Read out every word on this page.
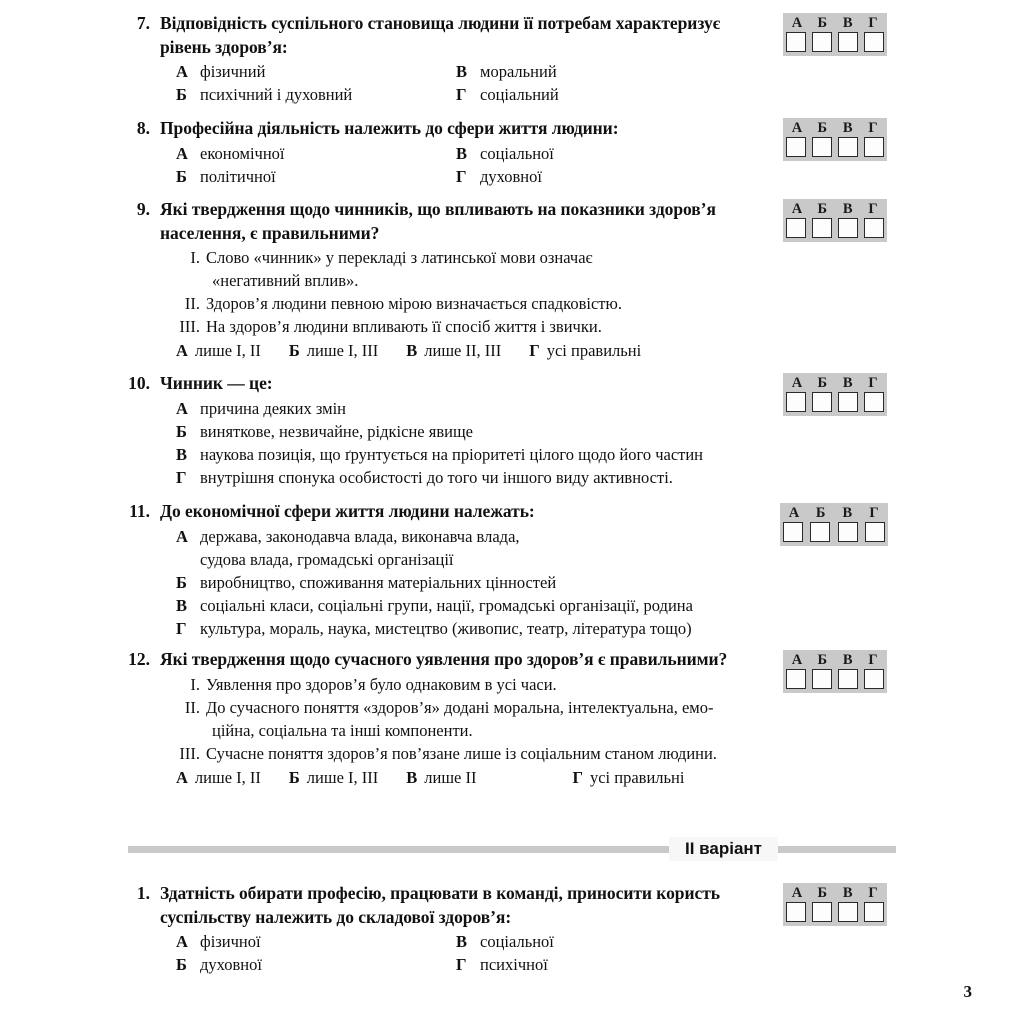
7. Відповідність суспільного становища людини її потребам характеризує рівень здоров’я:
А фізичний	В моральний
Б психічний і духовний	Г соціальний
А	Б	В	Г
8. Професійна діяльність належить до сфери життя людини:
А економічної	В соціальної
Б політичної	Г духовної
А	Б	В	Г
9. Які твердження щодо чинників, що впливають на показники здоров’я населення, є правильними?
I. Слово «чинник» у перекладі з латинської мови означає
«негативний вплив».
II. Здоров’я людини певною мірою визначається спадковістю.
III. На здоров’я людини впливають її спосіб життя і звички.
А лише I, II Б лише I, III В лише II, III Г усі правильні
А	Б	В	Г
10. Чинник — це:
А причина деяких змін
Б виняткове, незвичайне, рідкісне явище
В наукова позиція, що ґрунтується на пріоритеті цілого щодо його частин
Г внутрішня спонука особистості до того чи іншого виду активності.
А	Б	В	Г
11. До економічної сфери життя людини належать:
А держава, законодавча влада, виконавча влада,
судова влада, громадські організації
Б виробництво, споживання матеріальних цінностей
В соціальні класи, соціальні групи, нації, громадські організації, родина
Г культура, мораль, наука, мистецтво (живопис, театр, література тощо)
А	Б	В	Г
12. Які твердження щодо сучасного уявлення про здоров’я є правильними?
I. Уявлення про здоров’я було однаковим в усі часи.
II. До сучасного поняття «здоров’я» додані моральна, інтелектуальна, емо-
ційна, соціальна та інші компоненти.
III. Сучасне поняття здоров’я пов’язане лише із соціальним станом людини.
А лише I, II Б лише I, III В лише II	Г усі правильні
А	Б	В	Г
II варіант
1. Здатність обирати професію, працювати в команді, приносити користь суспільству належить до складової здоров’я:
А фізичної	В соціальної
Б духовної	Г психічної
А	Б	В	Г
3
